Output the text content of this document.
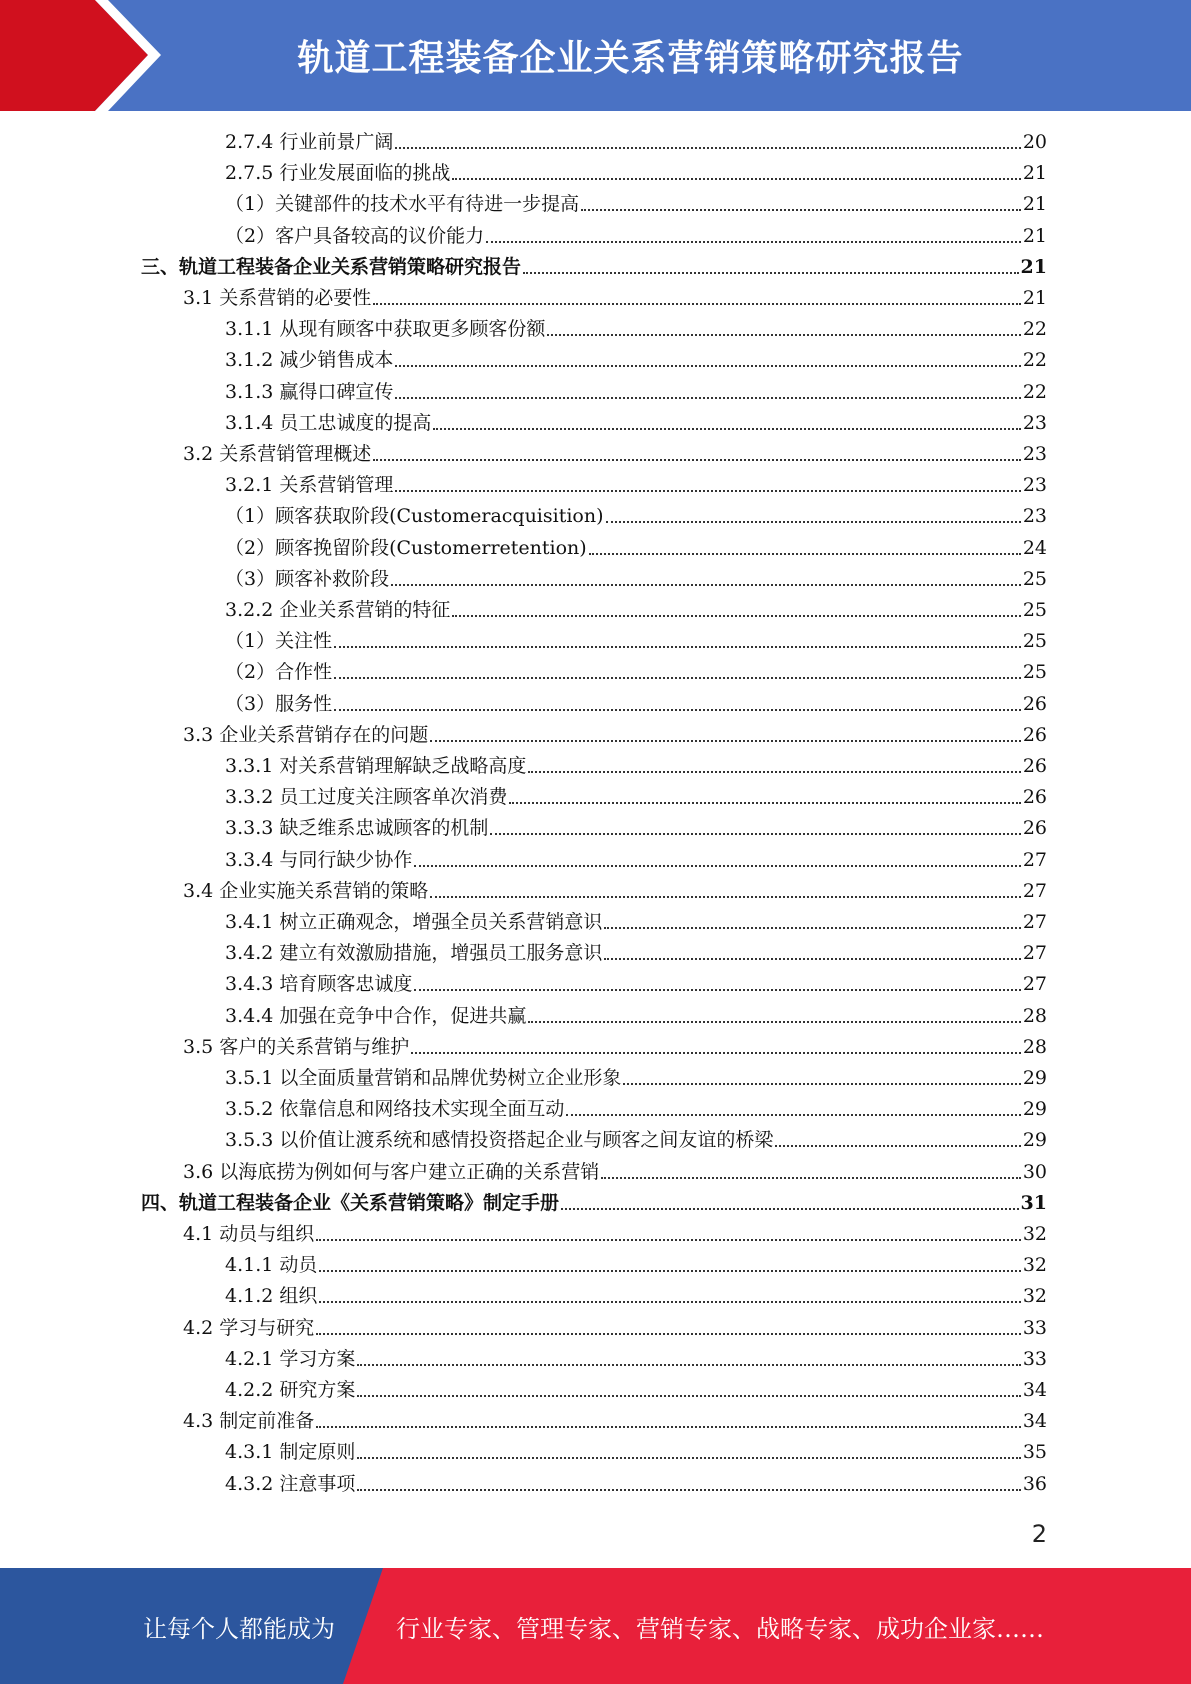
轨道工程装备企业关系营销策略研究报告
2.7.4 行业前景广阔	20
2.7.5 行业发展面临的挑战	21
（1）关键部件的技术水平有待进一步提高	21
（2）客户具备较高的议价能力	21
三、轨道工程装备企业关系营销策略研究报告	21
3.1 关系营销的必要性	21
3.1.1 从现有顾客中获取更多顾客份额	22
3.1.2 减少销售成本	22
3.1.3 赢得口碑宣传	22
3.1.4 员工忠诚度的提高	23
3.2 关系营销管理概述	23
3.2.1 关系营销管理	23
（1）顾客获取阶段(Customeracquisition)	23
（2）顾客挽留阶段(Customerretention)	24
（3）顾客补救阶段	25
3.2.2 企业关系营销的特征	25
（1）关注性	25
（2）合作性	25
（3）服务性	26
3.3 企业关系营销存在的问题	26
3.3.1 对关系营销理解缺乏战略高度	26
3.3.2 员工过度关注顾客单次消费	26
3.3.3 缺乏维系忠诚顾客的机制	26
3.3.4 与同行缺少协作	27
3.4 企业实施关系营销的策略	27
3.4.1 树立正确观念，增强全员关系营销意识	27
3.4.2 建立有效激励措施，增强员工服务意识	27
3.4.3 培育顾客忠诚度	27
3.4.4 加强在竞争中合作，促进共赢	28
3.5 客户的关系营销与维护	28
3.5.1 以全面质量营销和品牌优势树立企业形象	29
3.5.2 依靠信息和网络技术实现全面互动	29
3.5.3 以价值让渡系统和感情投资搭起企业与顾客之间友谊的桥梁	29
3.6 以海底捞为例如何与客户建立正确的关系营销	30
四、轨道工程装备企业《关系营销策略》制定手册	31
4.1 动员与组织	32
4.1.1 动员	32
4.1.2 组织	32
4.2 学习与研究	33
4.2.1 学习方案	33
4.2.2 研究方案	34
4.3 制定前准备	34
4.3.1 制定原则	35
4.3.2 注意事项	36
2
让每个人都能成为	行业专家、管理专家、营销专家、战略专家、成功企业家……
